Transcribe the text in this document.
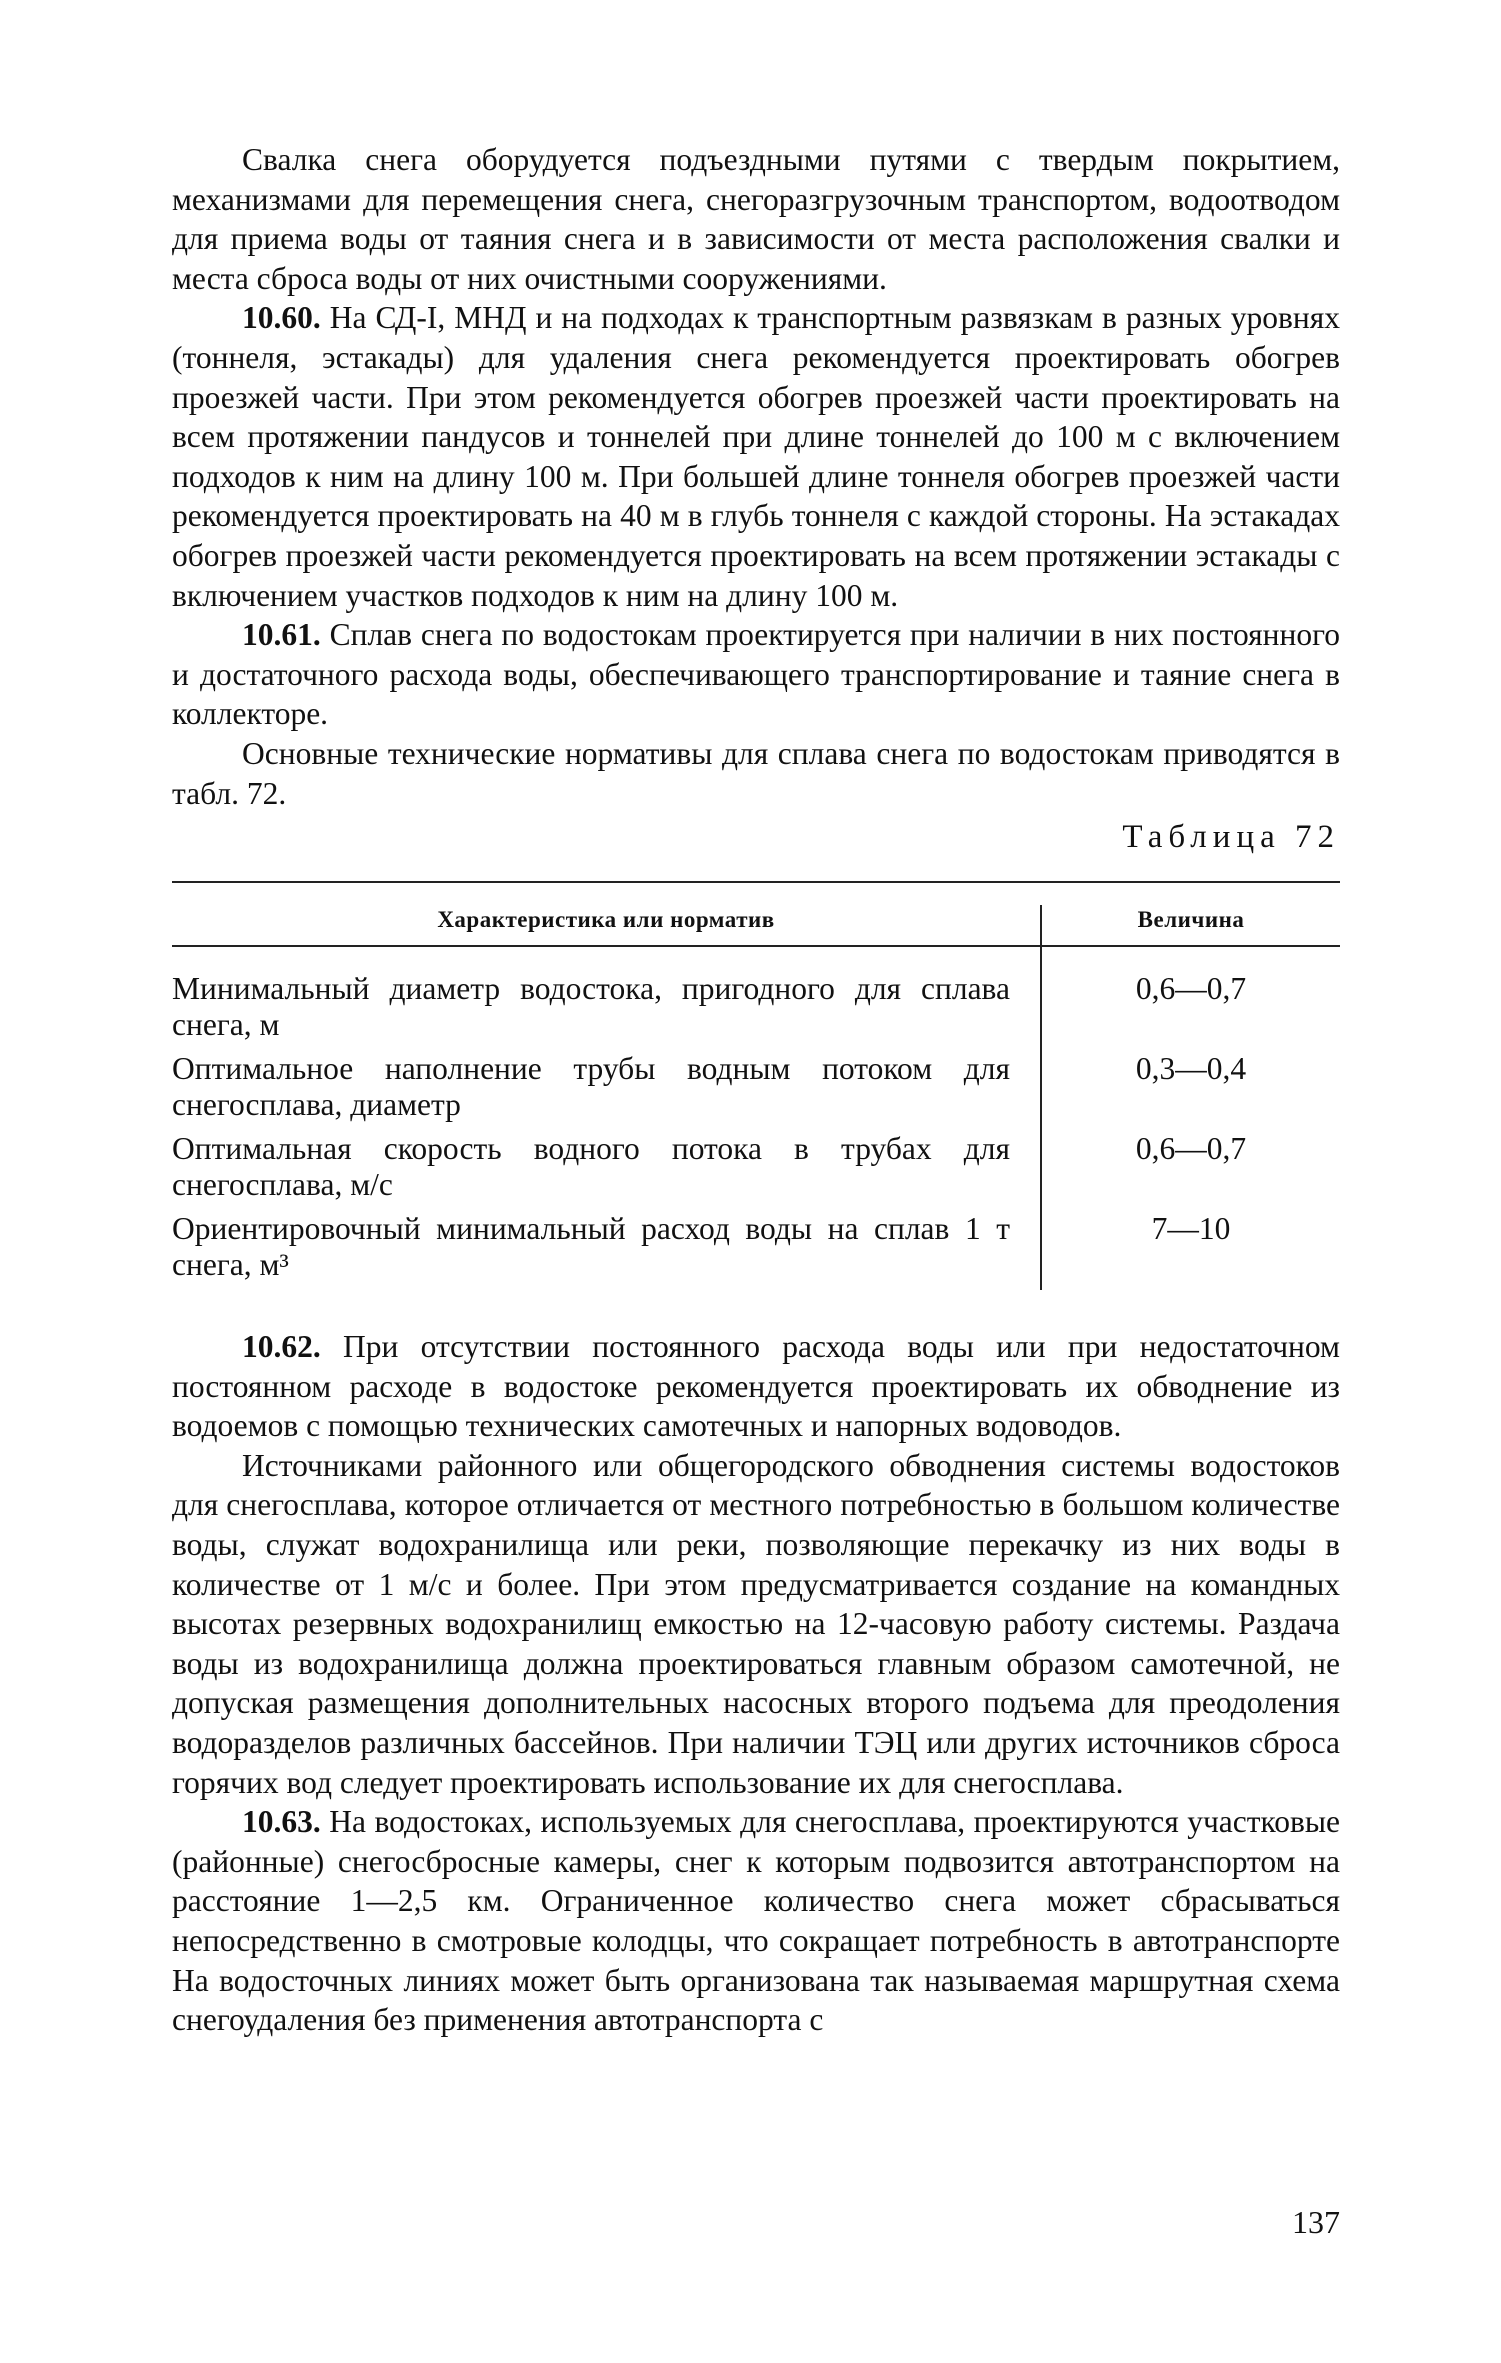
Свалка снега оборудуется подъездными путями с твердым покрытием, механизмами для перемещения снега, снегоразгрузочным транспортом, водоотводом для приема воды от таяния снега и в зависимости от места расположения свалки и места сброса воды от них очистными сооружениями.

10.60. На СД-I, МНД и на подходах к транспортным развязкам в разных уровнях (тоннеля, эстакады) для удаления снега рекомендуется проектировать обогрев проезжей части. При этом рекомендуется обогрев проезжей части проектировать на всем протяжении пандусов и тоннелей при длине тоннелей до 100 м с включением подходов к ним на длину 100 м. При большей длине тоннеля обогрев проезжей части рекомендуется проектировать на 40 м в глубь тоннеля с каждой стороны. На эстакадах обогрев проезжей части рекомендуется проектировать на всем протяжении эстакады с включением участков подходов к ним на длину 100 м.

10.61. Сплав снега по водостокам проектируется при наличии в них постоянного и достаточного расхода воды, обеспечивающего транспортирование и таяние снега в коллекторе.

Основные технические нормативы для сплава снега по водостокам приводятся в табл. 72.

Таблица 72
Характеристика или норматив	Величина
Минимальный диаметр водостока, пригодного для сплава снега, м
0,6—0,7
Оптимальное наполнение трубы водным потоком для снегосплава, диаметр
0,3—0,4
Оптимальная скорость водного потока в трубах для снегосплава, м/с
0,6—0,7
Ориентировочный минимальный расход воды на сплав 1 т снега, м³
7—10

10.62. При отсутствии постоянного расхода воды или при недостаточном постоянном расходе в водостоке рекомендуется проектировать их обводнение из водоемов с помощью технических самотечных и напорных водоводов.

Источниками районного или общегородского обводнения системы водостоков для снегосплава, которое отличается от местного потребностью в большом количестве воды, служат водохранилища или реки, позволяющие перекачку из них воды в количестве от 1 м/с и более. При этом предусматривается создание на командных высотах резервных водохранилищ емкостью на 12-часовую работу системы. Раздача воды из водохранилища должна проектироваться главным образом самотечной, не допуская размещения дополнительных насосных второго подъема для преодоления водоразделов различных бассейнов. При наличии ТЭЦ или других источников сброса горячих вод следует проектировать использование их для снегосплава.

10.63. На водостоках, используемых для снегосплава, проектируются участковые (районные) снегосбросные камеры, снег к которым подвозится автотранспортом на расстояние 1—2,5 км. Ограниченное количество снега может сбрасываться непосредственно в смотровые колодцы, что сокращает потребность в автотранспорте На водосточных линиях может быть организована так называемая маршрутная схема снегоудаления без применения автотранспорта с

137
